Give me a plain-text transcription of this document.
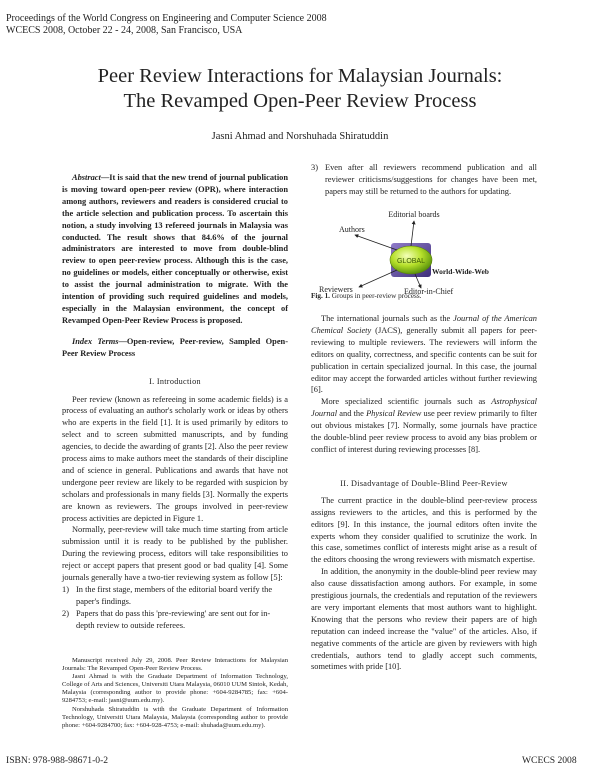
Proceedings of the World Congress on Engineering and Computer Science 2008
WCECS 2008, October 22 - 24, 2008, San Francisco, USA
Peer Review Interactions for Malaysian Journals:
The Revamped Open-Peer Review Process
Jasni Ahmad and Norshuhada Shiratuddin

Abstract—It is said that the new trend of journal publication is moving toward open-peer review (OPR), where interaction among authors, reviewers and readers is considered crucial to the article selection and publication process. To ascertain this notion, a study involving 13 refereed journals in Malaysia was conducted. The result shows that 84.6% of the journal administrators are interested to move from double-blind review to open peer-review process. Although this is the case, no guidelines or models, either conceptually or otherwise, exist to assist the journal administration to migrate. With the intention of providing such required guidelines and models, especially in the Malaysian environment, the concept of Revamped Open-Peer Review Process is proposed.

Index Terms—Open-review, Peer-review, Sampled Open-Peer Review Process

I. Introduction

Peer review (known as refereeing in some academic fields) is a process of evaluating an author's scholarly work or ideas by others who are experts in the field [1]. It is used primarily by editors to select and to screen submitted manuscripts, and by funding agencies, to decide the awarding of grants [2]. Also the peer review process aims to make authors meet the standards of their discipline and of science in general. Publications and awards that have not undergone peer review are likely to be regarded with suspicion by scholars and professionals in many fields [3]. Normally the experts are known as reviewers. The groups involved in peer-review process activities are depicted in Figure 1.

Normally, peer-review will take much time starting from article submission until it is ready to be published by the publisher. During the reviewing process, editors will take responsibilities to reject or accept papers that present good or bad quality [4]. Some journals generally have a two-tier reviewing system as follow [5]:

1) In the first stage, members of the editorial board verify the paper's findings.
2) Papers that do pass this 'pre-reviewing' are sent out for in-depth review to outside referees.

Manuscript received July 29, 2008. Peer Review Interactions for Malaysian Journals: The Revamped Open-Peer Review Process.

Jasni Ahmad is with the Graduate Department of Information Technology, College of Arts and Sciences, Universiti Utara Malaysia, 06010 UUM Sintok, Kedah, Malaysia (corresponding author to provide phone: +604-9284785; fax: +604-9284753; e-mail: jasni@uum.edu.my).

Norshuhada Shiratuddin is with the Graduate Department of Information Technology, Universiti Utara Malaysia, Malaysia (corresponding author to provide phone: +604-9284700; fax: +604-928-4753; e-mail: shuhada@uum.edu.my).

3) Even after all reviewers recommend publication and all reviewer criticisms/suggestions for changes have been met, papers may still be returned to the authors for updating.
GLOBAL
Editorial boards
Authors
World-Wide-Web
Reviewers	Editor-in-Chief
Fig. 1. Groups in peer-review process.

The international journals such as the Journal of the American Chemical Society (JACS), generally submit all papers for peer-reviewing to multiple reviewers. The reviewers will inform the editors on quality, correctness, and specific contents can be suit for publication in certain specialized journal. In this case, the journal editor may accept the forwarded articles without further reviewing [6].

More specialized scientific journals such as Astrophysical Journal and the Physical Review use peer review primarily to filter out obvious mistakes [7]. Normally, some journals have practice the double-blind peer review process to avoid any bias problem or conflict of interest during reviewing processes [8].

II. Disadvantage of Double-Blind Peer-Review

The current practice in the double-blind peer-review process assigns reviewers to the articles, and this is performed by the editors [9]. In this instance, the journal editors often invite the experts whom they consider qualified to scrutinize the work. In this case, sometimes conflict of interests might arise as a result of the editors choosing the wrong reviewers with mismatch expertise.

In addition, the anonymity in the double-blind peer review may also cause dissatisfaction among authors. For example, in some prestigious journals, the credentials and reputation of the reviewers are very important elements that most authors want to highlight. Knowing that the persons who review their papers are of high reputation can indeed increase the "value" of the articles. Also, if negative comments of the article are given by reviewers with high credentials, authors tend to gladly accept such comments, sometimes with pride [10].

ISBN: 978-988-98671-0-2	WCECS 2008
